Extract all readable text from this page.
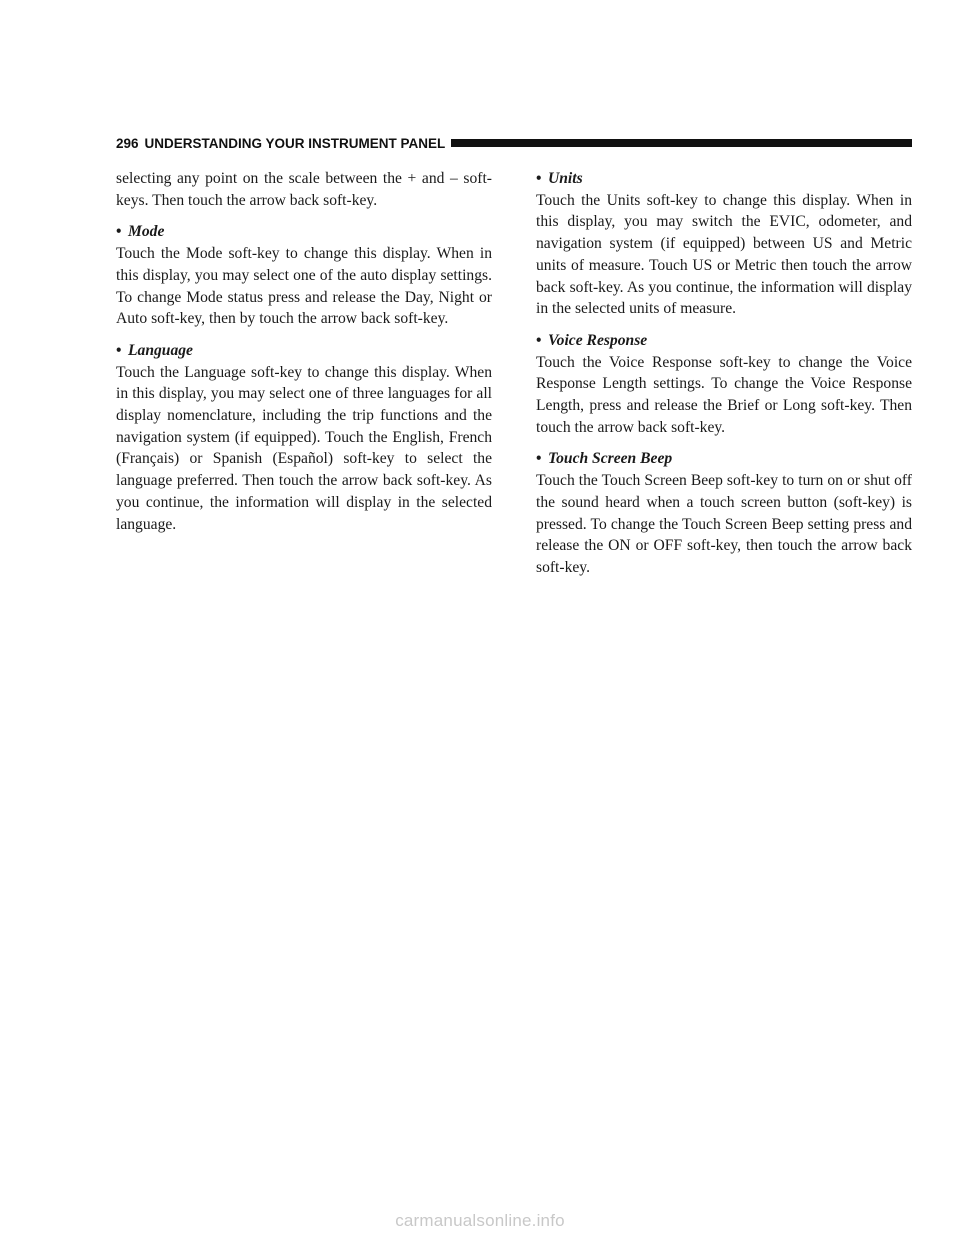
296 UNDERSTANDING YOUR INSTRUMENT PANEL

selecting any point on the scale between the + and – soft-keys. Then touch the arrow back soft-key.

• Mode

Touch the Mode soft-key to change this display. When in this display, you may select one of the auto display settings. To change Mode status press and release the Day, Night or Auto soft-key, then by touch the arrow back soft-key.

• Language

Touch the Language soft-key to change this display. When in this display, you may select one of three languages for all display nomenclature, including the trip functions and the navigation system (if equipped). Touch the English, French (Français) or Spanish (Español) soft-key to select the language preferred. Then touch the arrow back soft-key. As you continue, the information will display in the selected language.

• Units

Touch the Units soft-key to change this display. When in this display, you may switch the EVIC, odometer, and navigation system (if equipped) between US and Metric units of measure. Touch US or Metric then touch the arrow back soft-key. As you continue, the information will display in the selected units of measure.

• Voice Response

Touch the Voice Response soft-key to change the Voice Response Length settings. To change the Voice Response Length, press and release the Brief or Long soft-key. Then touch the arrow back soft-key.

• Touch Screen Beep

Touch the Touch Screen Beep soft-key to turn on or shut off the sound heard when a touch screen button (soft-key) is pressed. To change the Touch Screen Beep setting press and release the ON or OFF soft-key, then touch the arrow back soft-key.

carmanualsonline.info
